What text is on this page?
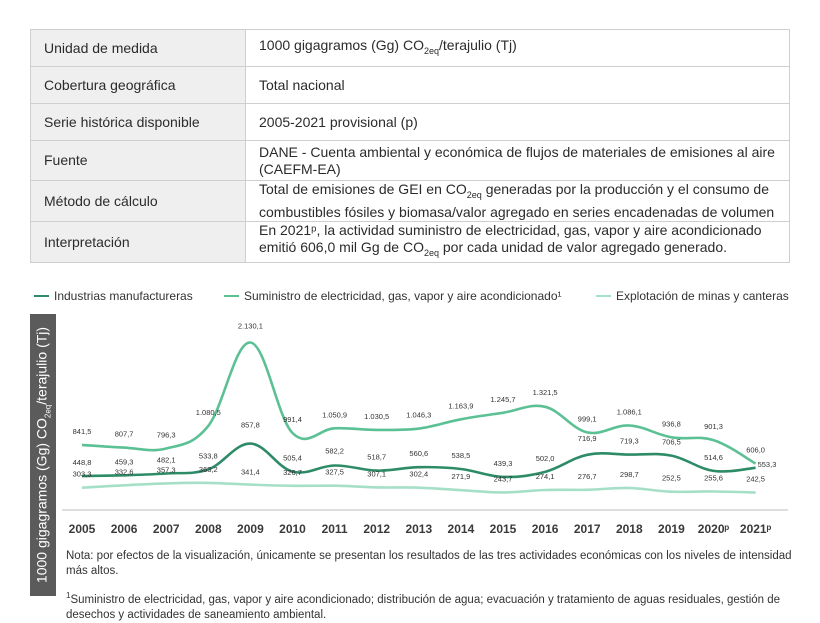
Unidad de medida	1000 gigagramos (Gg) $CO_{2eq}$/terajulio (Tj)
Cobertura geográfica	Total nacional
Serie histórica disponible	2005-2021 provisional (p)
Fuente	DANE - Cuenta ambiental y económica de flujos de materiales de emisiones al aire (CAEFM-EA)
Método de cálculo	Total de emisiones de GEI en $CO_{2eq}$ generadas por la producción y el consumo de combustibles fósiles y biomasa/valor agregado en series encadenadas de volumen
Interpretación	En 2021ᵖ, la actividad suministro de electricidad, gas, vapor y aire acondicionado emitió 606,0 mil Gg de $CO_{2eq}$ por cada unidad de valor agregado generado.
Industrias manufactureras	Suministro de electricidad, gas, vapor y aire acondicionado¹	Explotación de minas y canteras
1000 gigagramos (Gg) $CO_{2eq}$/terajulio (Tj)
448,8	459,3	482,1	533,8
857,8
505,4
582,2
518,7	560,6	538,5
439,3
502,0
716,9	719,3	706,5
514,6
553,3
841,5	807,7	796,3
1.080,5
2.130,1
991,4
1.050,9 1.030,5 1.046,3
1.163,9
1.245,7
1.321,5
999,1
1.086,1
936,8	901,3
606,0
303,3	332,6	357,3	363,2	341,4	326,7	327,5	307,1	302,4	271,9	243,7	274,1	276,7	298,7	252,5	255,6	242,5
2005 2006 2007 2008 2009 2010 2011 2012 2013 2014 2015 2016 2017 2018 2019 2020ᵖ 2021ᵖ
Nota: por efectos de la visualización, únicamente se presentan los resultados de las tres actividades económicas con los niveles de intensidad más altos.
$^1$Suministro de electricidad, gas, vapor y aire acondicionado; distribución de agua; evacuación y tratamiento de aguas residuales, gestión de desechos y actividades de saneamiento ambiental.
